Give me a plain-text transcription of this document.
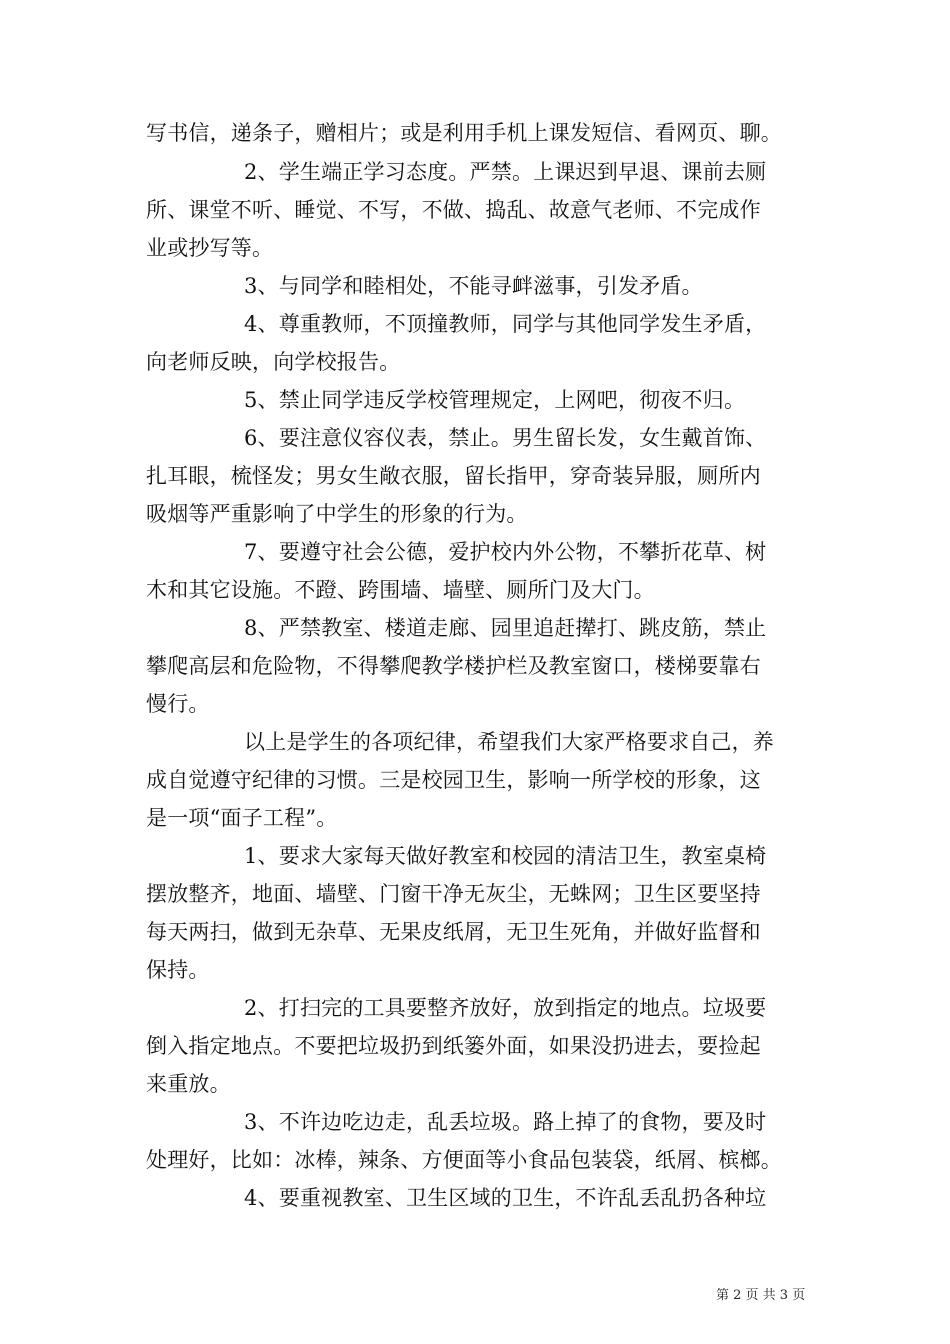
写书信，递条子，赠相片；或是利用手机上课发短信、看网页、聊。
2、学生端正学习态度。严禁。上课迟到早退、课前去厕
所、课堂不听、睡觉、不写，不做、捣乱、故意气老师、不完成作
业或抄写等。
3、与同学和睦相处，不能寻衅滋事，引发矛盾。
4、尊重教师，不顶撞教师，同学与其他同学发生矛盾，
向老师反映，向学校报告。
5、禁止同学违反学校管理规定，上网吧，彻夜不归。
6、要注意仪容仪表，禁止。男生留长发，女生戴首饰、
扎耳眼，梳怪发；男女生敞衣服，留长指甲，穿奇装异服，厕所内
吸烟等严重影响了中学生的形象的行为。
7、要遵守社会公德，爱护校内外公物，不攀折花草、树
木和其它设施。不蹬、跨围墙、墙壁、厕所门及大门。
8、严禁教室、楼道走廊、园里追赶撵打、跳皮筋，禁止
攀爬高层和危险物，不得攀爬教学楼护栏及教室窗口，楼梯要靠右
慢行。
以上是学生的各项纪律，希望我们大家严格要求自己，养
成自觉遵守纪律的习惯。三是校园卫生，影响一所学校的形象，这
是一项“面子工程”。
1、要求大家每天做好教室和校园的清洁卫生，教室桌椅
摆放整齐，地面、墙壁、门窗干净无灰尘，无蛛网；卫生区要坚持
每天两扫，做到无杂草、无果皮纸屑，无卫生死角，并做好监督和
保持。
2、打扫完的工具要整齐放好，放到指定的地点。垃圾要
倒入指定地点。不要把垃圾扔到纸篓外面，如果没扔进去，要捡起
来重放。
3、不许边吃边走，乱丢垃圾。路上掉了的食物，要及时
处理好，比如：冰棒，辣条、方便面等小食品包装袋，纸屑、槟榔。
4、要重视教室、卫生区域的卫生，不许乱丢乱扔各种垃
第 2 页 共 3 页
